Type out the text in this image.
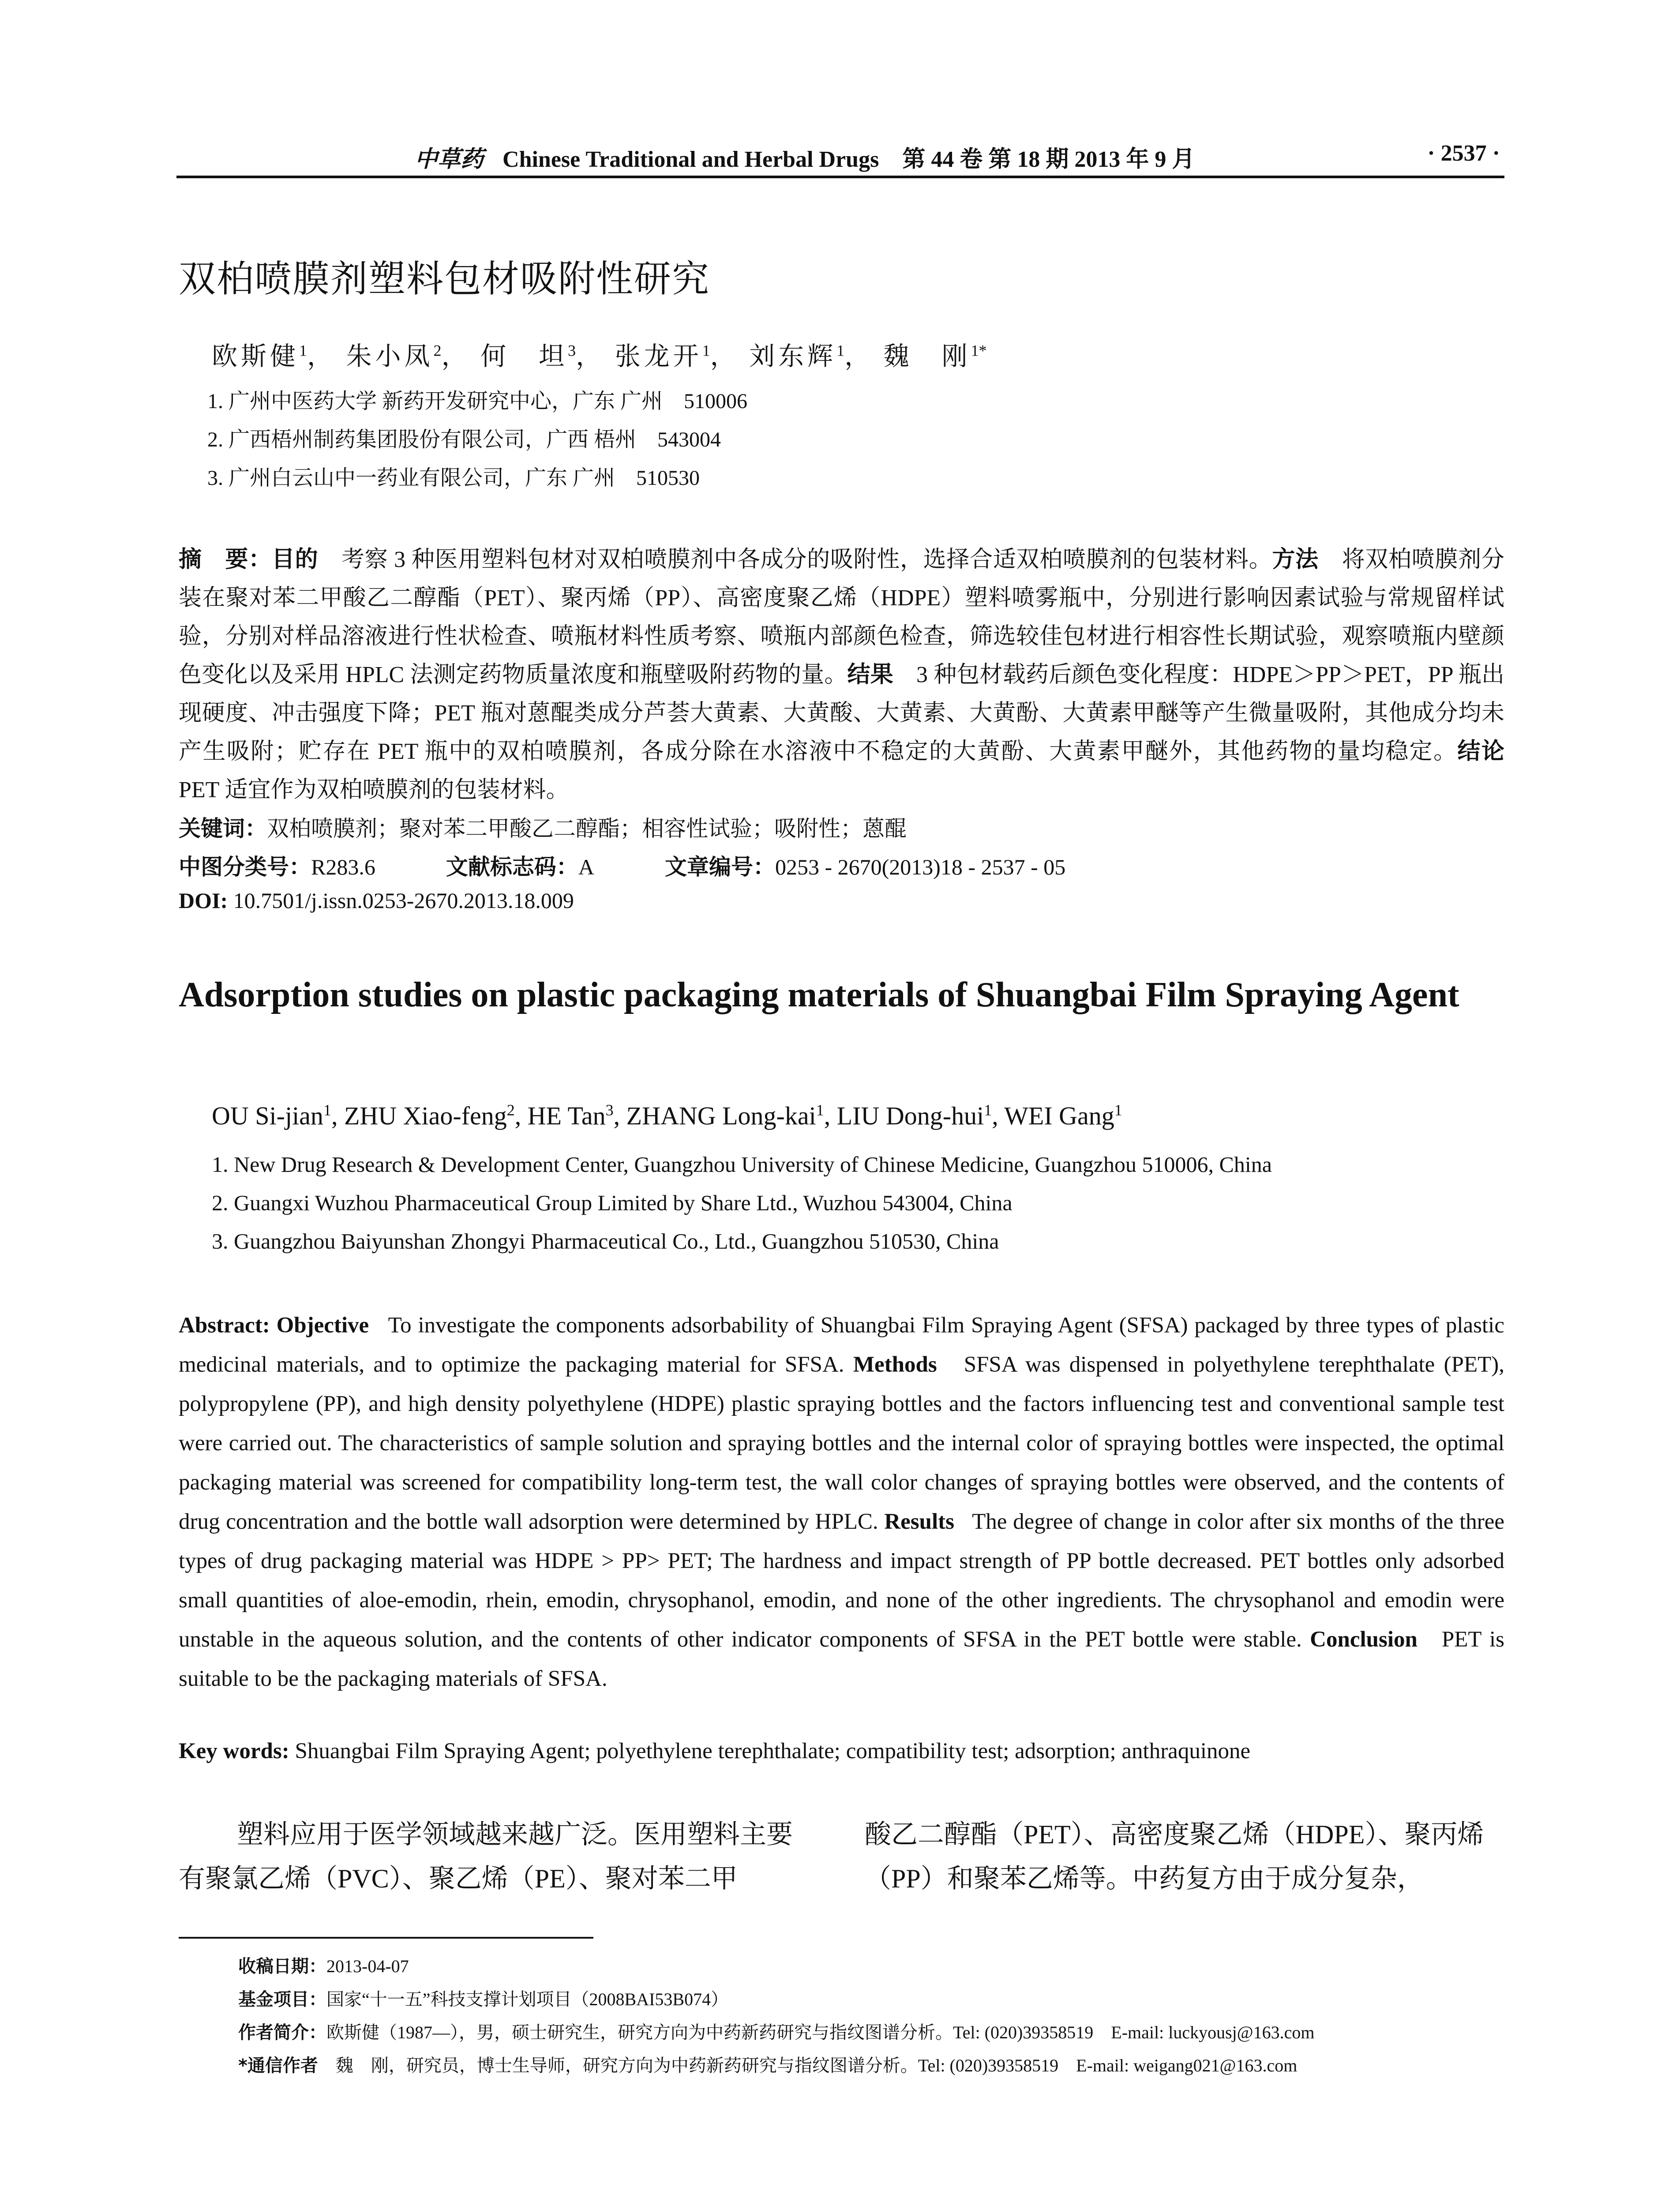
中草药 Chinese Traditional and Herbal Drugs 第 44 卷 第 18 期 2013 年 9 月	· 2537 ·
双柏喷膜剂塑料包材吸附性研究
欧斯健$^1$， 朱小凤$^2$， 何　坦$^3$， 张龙开$^1$， 刘东辉$^1$， 魏　刚$^{1*}$
1. 广州中医药大学 新药开发研究中心，广东 广州　510006
2. 广西梧州制药集团股份有限公司，广西 梧州　543004
3. 广州白云山中一药业有限公司，广东 广州　510530
摘　要：目的　 考察 3 种医用塑料包材对双柏喷膜剂中各成分的吸附性，选择合适双柏喷膜剂的包装材料。方法　 将双柏喷膜剂分装在聚对苯二甲酸乙二醇酯（PET）、聚丙烯（PP）、高密度聚乙烯（HDPE）塑料喷雾瓶中，分别进行影响因素试验与常规留样试验，分别对样品溶液进行性状检查、喷瓶材料性质考察、喷瓶内部颜色检查，筛选较佳包材进行相容性长期试验，观察喷瓶内壁颜色变化以及采用 HPLC 法测定药物质量浓度和瓶壁吸附药物的量。结果　 3 种包材载药后颜色变化程度：HDPE＞PP＞PET，PP 瓶出现硬度、冲击强度下降；PET 瓶对蒽醌类成分芦荟大黄素、大黄酸、大黄素、大黄酚、大黄素甲醚等产生微量吸附，其他成分均未产生吸附；贮存在 PET 瓶中的双柏喷膜剂，各成分除在水溶液中不稳定的大黄酚、大黄素甲醚外，其他药物的量均稳定。结论　PET 适宜作为双柏喷膜剂的包装材料。
关键词：双柏喷膜剂；聚对苯二甲酸乙二醇酯；相容性试验；吸附性；蒽醌
中图分类号：R283.6	文献标志码：A	文章编号：0253 - 2670(2013)18 - 2537 - 05
DOI: 10.7501/j.issn.0253-2670.2013.18.009
Adsorption studies on plastic packaging materials of Shuangbai Film Spraying Agent
OU Si-jian$^1$, ZHU Xiao-feng$^2$, HE Tan$^3$, ZHANG Long-kai$^1$, LIU Dong-hui$^1$, WEI Gang$^1$
1. New Drug Research & Development Center, Guangzhou University of Chinese Medicine, Guangzhou 510006, China
2. Guangxi Wuzhou Pharmaceutical Group Limited by Share Ltd., Wuzhou 543004, China
3. Guangzhou Baiyunshan Zhongyi Pharmaceutical Co., Ltd., Guangzhou 510530, China
Abstract: Objective To investigate the components adsorbability of Shuangbai Film Spraying Agent (SFSA) packaged by three types of plastic medicinal materials, and to optimize the packaging material for SFSA. Methods SFSA was dispensed in polyethylene terephthalate (PET), polypropylene (PP), and high density polyethylene (HDPE) plastic spraying bottles and the factors influencing test and conventional sample test were carried out. The characteristics of sample solution and spraying bottles and the internal color of spraying bottles were inspected, the optimal packaging material was screened for compatibility long-term test, the wall color changes of spraying bottles were observed, and the contents of drug concentration and the bottle wall adsorption were determined by HPLC. Results The degree of change in color after six months of the three types of drug packaging material was HDPE > PP> PET; The hardness and impact strength of PP bottle decreased. PET bottles only adsorbed small quantities of aloe-emodin, rhein, emodin, chrysophanol, emodin, and none of the other ingredients. The chrysophanol and emodin were unstable in the aqueous solution, and the contents of other indicator components of SFSA in the PET bottle were stable. Conclusion PET is suitable to be the packaging materials of SFSA.
Key words: Shuangbai Film Spraying Agent; polyethylene terephthalate; compatibility test; adsorption; anthraquinone
塑料应用于医学领域越来越广泛。医用塑料主要有聚氯乙烯（PVC）、聚乙烯（PE）、聚对苯二甲
酸乙二醇酯（PET）、高密度聚乙烯（HDPE）、聚丙烯（PP）和聚苯乙烯等。中药复方由于成分复杂，
收稿日期：2013-04-07
基金项目：国家“十一五”科技支撑计划项目（2008BAI53B074）
作者简介：欧斯健（1987—），男，硕士研究生，研究方向为中药新药研究与指纹图谱分析。Tel: (020)39358519　E-mail: luckyousj@163.com
*通信作者　魏　刚，研究员，博士生导师，研究方向为中药新药研究与指纹图谱分析。Tel: (020)39358519　E-mail: weigang021@163.com
